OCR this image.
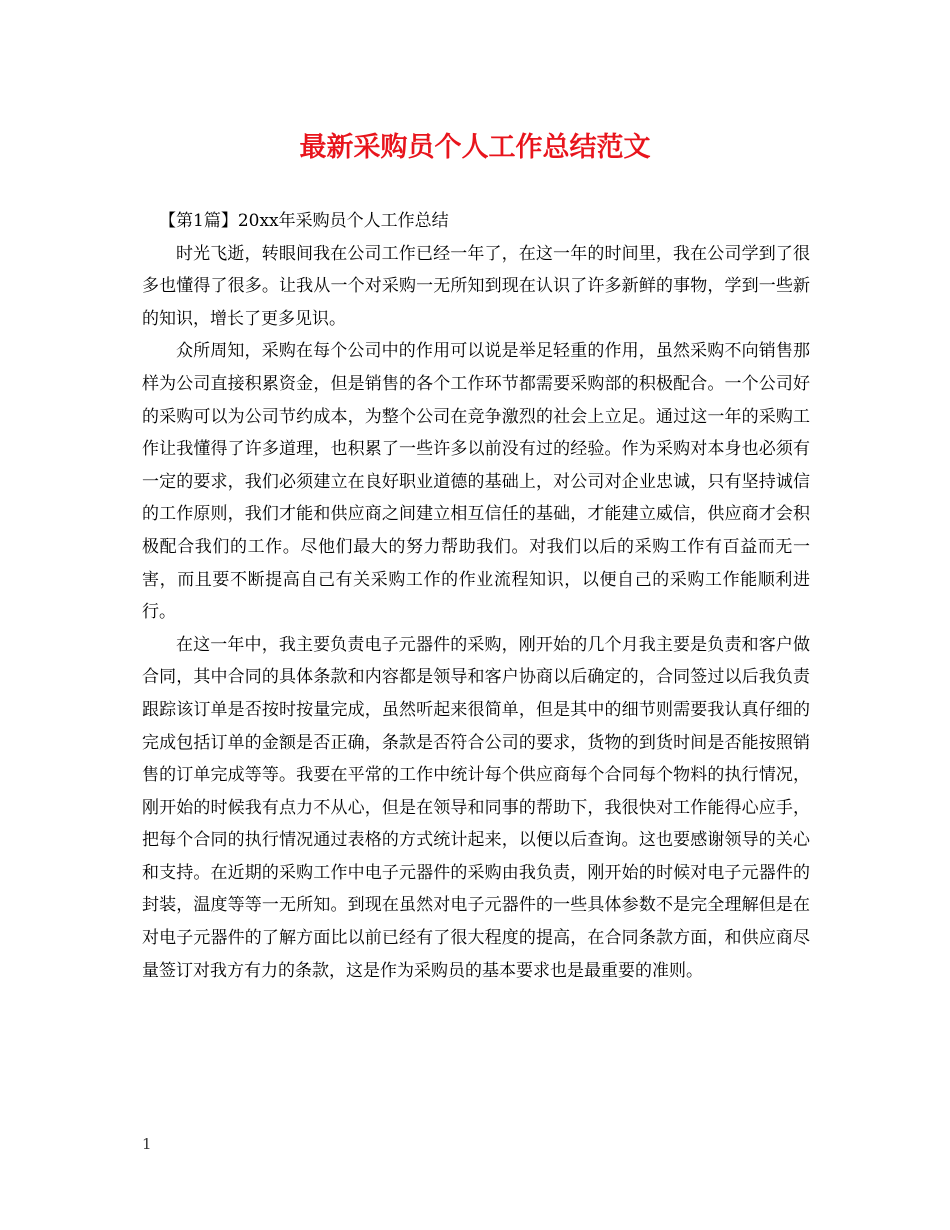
最新采购员个人工作总结范文

【第1篇】20xx年采购员个人工作总结

时光飞逝，转眼间我在公司工作已经一年了，在这一年的时间里，我在公司学到了很多也懂得了很多。让我从一个对采购一无所知到现在认识了许多新鲜的事物，学到一些新的知识，增长了更多见识。

众所周知，采购在每个公司中的作用可以说是举足轻重的作用，虽然采购不向销售那样为公司直接积累资金，但是销售的各个工作环节都需要采购部的积极配合。一个公司好的采购可以为公司节约成本，为整个公司在竞争激烈的社会上立足。通过这一年的采购工作让我懂得了许多道理，也积累了一些许多以前没有过的经验。作为采购对本身也必须有一定的要求，我们必须建立在良好职业道德的基础上，对公司对企业忠诚，只有坚持诚信的工作原则，我们才能和供应商之间建立相互信任的基础，才能建立威信，供应商才会积极配合我们的工作。尽他们最大的努力帮助我们。对我们以后的采购工作有百益而无一害，而且要不断提高自己有关采购工作的作业流程知识，以便自己的采购工作能顺利进行。

在这一年中，我主要负责电子元器件的采购，刚开始的几个月我主要是负责和客户做合同，其中合同的具体条款和内容都是领导和客户协商以后确定的，合同签过以后我负责跟踪该订单是否按时按量完成，虽然听起来很简单，但是其中的细节则需要我认真仔细的完成包括订单的金额是否正确，条款是否符合公司的要求，货物的到货时间是否能按照销售的订单完成等等。我要在平常的工作中统计每个供应商每个合同每个物料的执行情况，刚开始的时候我有点力不从心，但是在领导和同事的帮助下，我很快对工作能得心应手，把每个合同的执行情况通过表格的方式统计起来，以便以后查询。这也要感谢领导的关心和支持。在近期的采购工作中电子元器件的采购由我负责，刚开始的时候对电子元器件的封装，温度等等一无所知。到现在虽然对电子元器件的一些具体参数不是完全理解但是在对电子元器件的了解方面比以前已经有了很大程度的提高，在合同条款方面，和供应商尽量签订对我方有力的条款，这是作为采购员的基本要求也是最重要的准则。

1
